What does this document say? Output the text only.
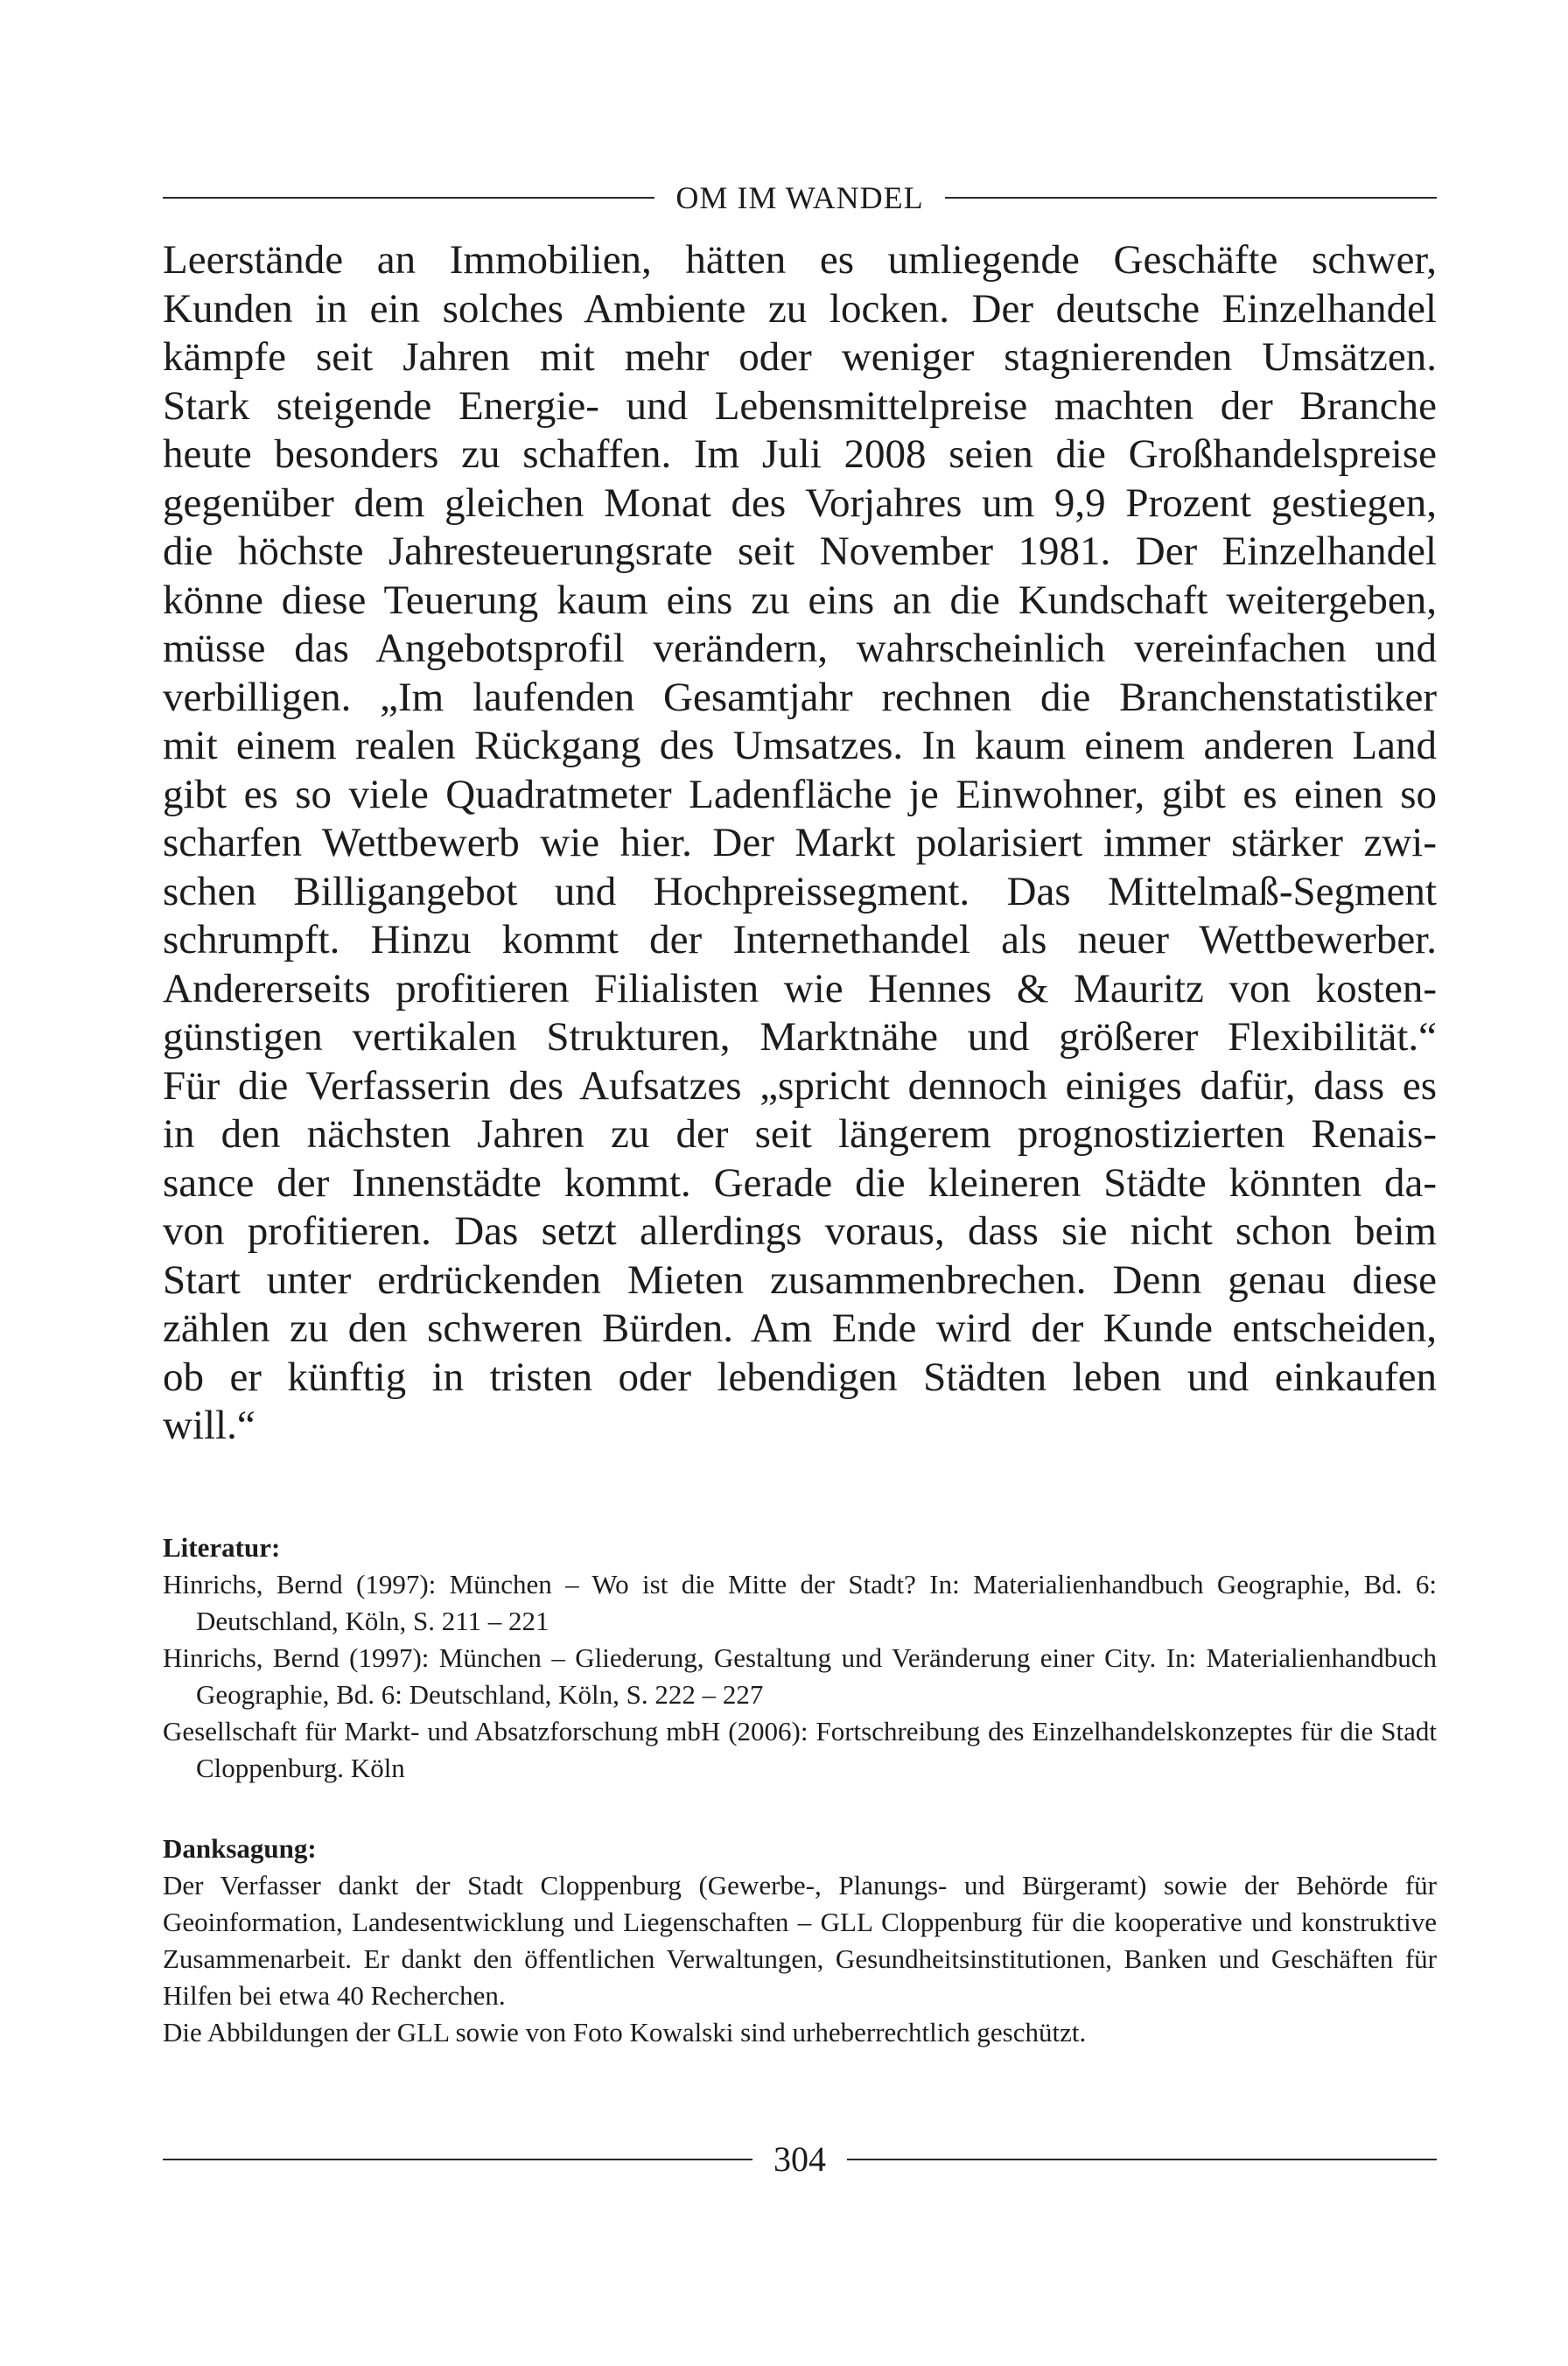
OM IM WANDEL
Leerstände an Immobilien, hätten es umliegende Geschäfte schwer,
Kunden in ein solches Ambiente zu locken. Der deutsche Einzelhandel
kämpfe seit Jahren mit mehr oder weniger stagnierenden Umsätzen.
Stark steigende Energie- und Lebensmittelpreise machten der Branche
heute besonders zu schaffen. Im Juli 2008 seien die Großhandelspreise
gegenüber dem gleichen Monat des Vorjahres um 9,9 Prozent gestiegen,
die höchste Jahresteuerungsrate seit November 1981. Der Einzelhandel
könne diese Teuerung kaum eins zu eins an die Kundschaft weitergeben,
müsse das Angebotsprofil verändern, wahrscheinlich vereinfachen und
verbilligen. „Im laufenden Gesamtjahr rechnen die Branchenstatistiker
mit einem realen Rückgang des Umsatzes. In kaum einem anderen Land
gibt es so viele Quadratmeter Ladenfläche je Einwohner, gibt es einen so
scharfen Wettbewerb wie hier. Der Markt polarisiert immer stärker zwi-
schen Billigangebot und Hochpreissegment. Das Mittelmaß-Segment
schrumpft. Hinzu kommt der Internethandel als neuer Wettbewerber.
Andererseits profitieren Filialisten wie Hennes & Mauritz von kosten-
günstigen vertikalen Strukturen, Marktnähe und größerer Flexibilität.“
Für die Verfasserin des Aufsatzes „spricht dennoch einiges dafür, dass es
in den nächsten Jahren zu der seit längerem prognostizierten Renais-
sance der Innenstädte kommt. Gerade die kleineren Städte könnten da-
von profitieren. Das setzt allerdings voraus, dass sie nicht schon beim
Start unter erdrückenden Mieten zusammenbrechen. Denn genau diese
zählen zu den schweren Bürden. Am Ende wird der Kunde entscheiden,
ob er künftig in tristen oder lebendigen Städten leben und einkaufen
will.“
Literatur:
Hinrichs, Bernd (1997): München – Wo ist die Mitte der Stadt? In: Materialienhandbuch Geographie, Bd. 6: Deutschland, Köln, S. 211 – 221
Hinrichs, Bernd (1997): München – Gliederung, Gestaltung und Veränderung einer City. In: Materialienhandbuch Geographie, Bd. 6: Deutschland, Köln, S. 222 – 227
Gesellschaft für Markt- und Absatzforschung mbH (2006): Fortschreibung des Einzelhandelskonzeptes für die Stadt Cloppenburg. Köln
Danksagung:
Der Verfasser dankt der Stadt Cloppenburg (Gewerbe-, Planungs- und Bürgeramt) sowie der Behörde für Geoinformation, Landesentwicklung und Liegenschaften – GLL Cloppenburg für die kooperative und konstruktive Zusammenarbeit. Er dankt den öffentlichen Verwaltungen, Gesundheitsinstitutionen, Banken und Geschäften für Hilfen bei etwa 40 Recherchen.
Die Abbildungen der GLL sowie von Foto Kowalski sind urheberrechtlich geschützt.
304
